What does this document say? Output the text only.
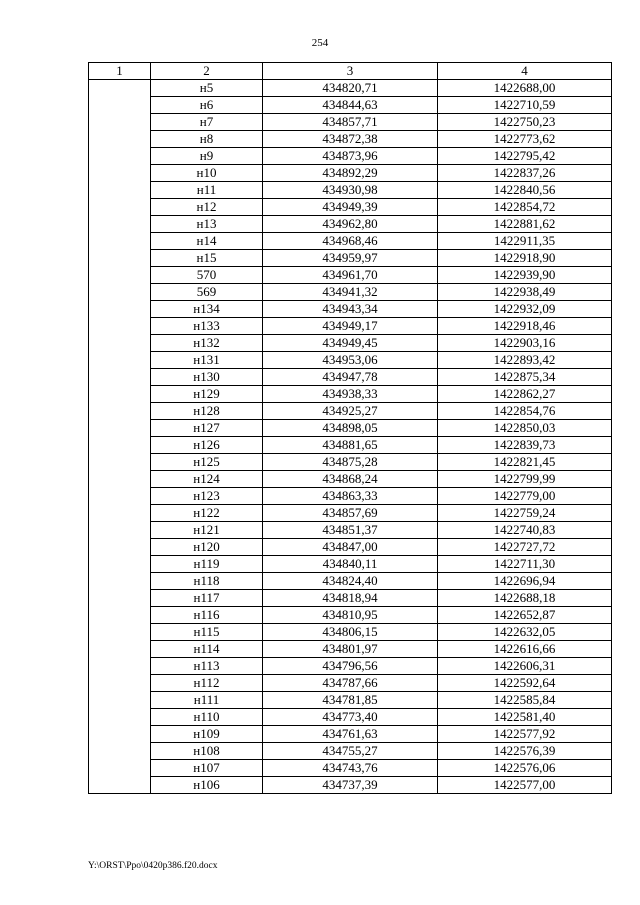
254
1	2	3	4
	н5	434820,71	1422688,00
	н6	434844,63	1422710,59
	н7	434857,71	1422750,23
	н8	434872,38	1422773,62
	н9	434873,96	1422795,42
	н10	434892,29	1422837,26
	н11	434930,98	1422840,56
	н12	434949,39	1422854,72
	н13	434962,80	1422881,62
	н14	434968,46	1422911,35
	н15	434959,97	1422918,90
	570	434961,70	1422939,90
	569	434941,32	1422938,49
	н134	434943,34	1422932,09
	н133	434949,17	1422918,46
	н132	434949,45	1422903,16
	н131	434953,06	1422893,42
	н130	434947,78	1422875,34
	н129	434938,33	1422862,27
	н128	434925,27	1422854,76
	н127	434898,05	1422850,03
	н126	434881,65	1422839,73
	н125	434875,28	1422821,45
	н124	434868,24	1422799,99
	н123	434863,33	1422779,00
	н122	434857,69	1422759,24
	н121	434851,37	1422740,83
	н120	434847,00	1422727,72
	н119	434840,11	1422711,30
	н118	434824,40	1422696,94
	н117	434818,94	1422688,18
	н116	434810,95	1422652,87
	н115	434806,15	1422632,05
	н114	434801,97	1422616,66
	н113	434796,56	1422606,31
	н112	434787,66	1422592,64
	н111	434781,85	1422585,84
	н110	434773,40	1422581,40
	н109	434761,63	1422577,92
	н108	434755,27	1422576,39
	н107	434743,76	1422576,06
	н106	434737,39	1422577,00
Y:\ORST\Ppo\0420p386.f20.docx
